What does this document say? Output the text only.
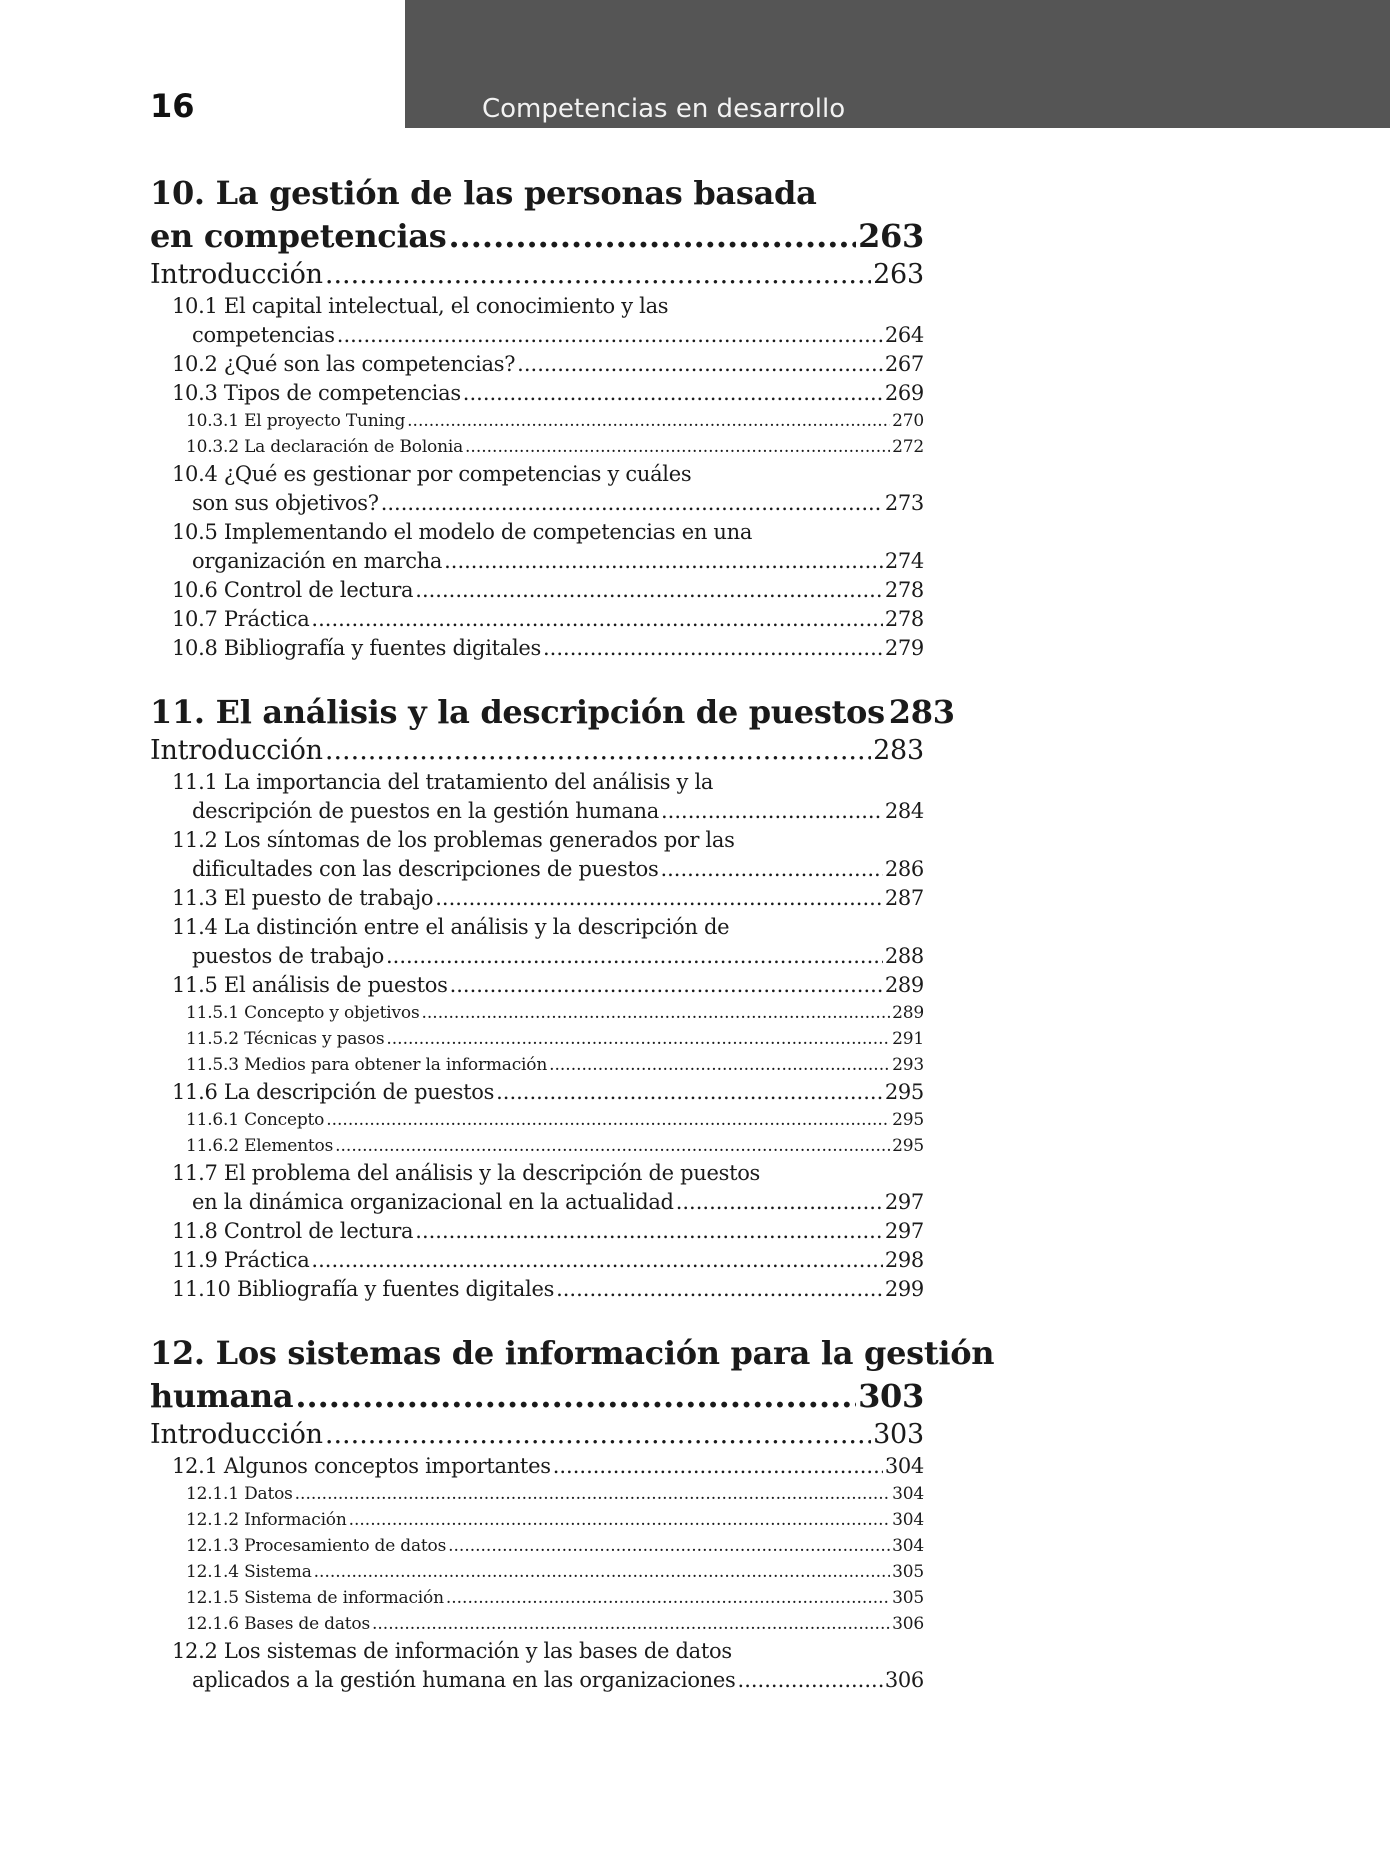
16	Competencias en desarrollo
10. La gestión de las personas basada
en competencias .....	263
Introducción .....	263
10.1 El capital intelectual, el conocimiento y las
competencias .....	264
10.2 ¿Qué son las competencias? .....	267
10.3 Tipos de competencias .....	269
10.3.1 El proyecto Tuning .....	270
10.3.2 La declaración de Bolonia .....	272
10.4 ¿Qué es gestionar por competencias y cuáles
son sus objetivos? .....	273
10.5 Implementando el modelo de competencias en una
organización en marcha .....	274
10.6 Control de lectura .....	278
10.7 Práctica .....	278
10.8 Bibliografía y fuentes digitales .....	279
11. El análisis y la descripción de puestos 283
Introducción .....	283
11.1 La importancia del tratamiento del análisis y la
descripción de puestos en la gestión humana .....	284
11.2 Los síntomas de los problemas generados por las
dificultades con las descripciones de puestos .....	286
11.3 El puesto de trabajo .....	287
11.4 La distinción entre el análisis y la descripción de
puestos de trabajo .....	288
11.5 El análisis de puestos .....	289
11.5.1 Concepto y objetivos .....	289
11.5.2 Técnicas y pasos .....	291
11.5.3 Medios para obtener la información .....	293
11.6 La descripción de puestos .....	295
11.6.1 Concepto .....	295
11.6.2 Elementos .....	295
11.7 El problema del análisis y la descripción de puestos
en la dinámica organizacional en la actualidad .....	297
11.8 Control de lectura .....	297
11.9 Práctica .....	298
11.10 Bibliografía y fuentes digitales .....	299
12. Los sistemas de información para la gestión
humana .....	303
Introducción .....	303
12.1 Algunos conceptos importantes .....	304
12.1.1 Datos .....	304
12.1.2 Información .....	304
12.1.3 Procesamiento de datos .....	304
12.1.4 Sistema .....	305
12.1.5 Sistema de información .....	305
12.1.6 Bases de datos .....	306
12.2 Los sistemas de información y las bases de datos
aplicados a la gestión humana en las organizaciones .....	306
